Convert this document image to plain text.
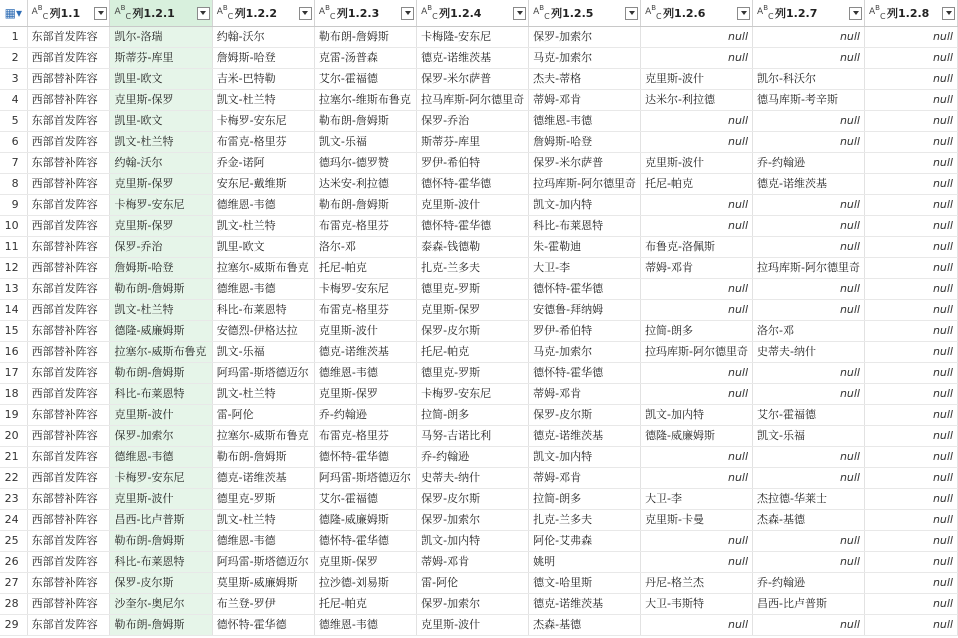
▦▾	$A^B_C$ 列1.1	$A^B_C$ 列1.2.1	$A^B_C$ 列1.2.2	$A^B_C$ 列1.2.3	$A^B_C$ 列1.2.4	$A^B_C$ 列1.2.5	$A^B_C$ 列1.2.6	$A^B_C$ 列1.2.7	$A^B_C$ 列1.2.8

1	东部首发阵容	凯尔-洛瑞	约翰-沃尔	勒布朗-詹姆斯	卡梅隆-安东尼	保罗-加索尔	null	null	null
2	西部首发阵容	斯蒂芬-库里	詹姆斯-哈登	克雷-汤普森	德克-诺维茨基	马克-加索尔	null	null	null
3	西部替补阵容	凯里-欧文	吉米-巴特勒	艾尔-霍福德	保罗-米尔萨普	杰夫-蒂格	克里斯-波什	凯尔-科沃尔	null
4	西部替补阵容	克里斯-保罗	凯文-杜兰特	拉塞尔-维斯布鲁克	拉马库斯-阿尔德里奇	蒂姆-邓肯	达米尔-利拉德	德马库斯-考辛斯	null
5	东部首发阵容	凯里-欧文	卡梅罗-安东尼	勒布朗-詹姆斯	保罗-乔治	德维恩-韦德	null	null	null
6	西部首发阵容	凯文-杜兰特	布雷克-格里芬	凯文-乐福	斯蒂芬-库里	詹姆斯-哈登	null	null	null
7	东部替补阵容	约翰-沃尔	乔金-诺阿	德玛尔-德罗赞	罗伊-希伯特	保罗-米尔萨普	克里斯-波什	乔-约翰逊	null
8	西部替补阵容	克里斯-保罗	安东尼-戴维斯	达米安-利拉德	德怀特-霍华德	拉玛库斯-阿尔德里奇	托尼-帕克	德克-诺维茨基	null
9	东部首发阵容	卡梅罗-安东尼	德维恩-韦德	勒布朗-詹姆斯	克里斯-波什	凯文-加内特	null	null	null
10	西部首发阵容	克里斯-保罗	凯文-杜兰特	布雷克-格里芬	德怀特-霍华德	科比-布莱恩特	null	null	null
11	东部替补阵容	保罗-乔治	凯里-欧文	洛尔-邓	泰森-钱德勒	朱-霍勒迪	布鲁克-洛佩斯	null	null
12	西部替补阵容	詹姆斯-哈登	拉塞尔-威斯布鲁克	托尼-帕克	扎克-兰多夫	大卫-李	蒂姆-邓肯	拉玛库斯-阿尔德里奇	null
13	东部首发阵容	勒布朗-詹姆斯	德维恩-韦德	卡梅罗-安东尼	德里克-罗斯	德怀特-霍华德	null	null	null
14	西部首发阵容	凯文-杜兰特	科比-布莱恩特	布雷克-格里芬	克里斯-保罗	安德鲁-拜纳姆	null	null	null
15	东部替补阵容	德隆-威廉姆斯	安德烈-伊格达拉	克里斯-波什	保罗-皮尔斯	罗伊-希伯特	拉简-朗多	洛尔-邓	null
16	西部替补阵容	拉塞尔-威斯布鲁克	凯文-乐福	德克-诺维茨基	托尼-帕克	马克-加索尔	拉玛库斯-阿尔德里奇	史蒂夫-纳什	null
17	东部首发阵容	勒布朗-詹姆斯	阿玛雷-斯塔德迈尔	德维恩-韦德	德里克-罗斯	德怀特-霍华德	null	null	null
18	西部首发阵容	科比-布莱恩特	凯文-杜兰特	克里斯-保罗	卡梅罗-安东尼	蒂姆-邓肯	null	null	null
19	东部替补阵容	克里斯-波什	雷-阿伦	乔-约翰逊	拉简-朗多	保罗-皮尔斯	凯文-加内特	艾尔-霍福德	null
20	西部替补阵容	保罗-加索尔	拉塞尔-威斯布鲁克	布雷克-格里芬	马努-吉诺比利	德克-诺维茨基	德隆-威廉姆斯	凯文-乐福	null
21	东部首发阵容	德维恩-韦德	勒布朗-詹姆斯	德怀特-霍华德	乔-约翰逊	凯文-加内特	null	null	null
22	西部首发阵容	卡梅罗-安东尼	德克-诺维茨基	阿玛雷-斯塔德迈尔	史蒂夫-纳什	蒂姆-邓肯	null	null	null
23	东部替补阵容	克里斯-波什	德里克-罗斯	艾尔-霍福德	保罗-皮尔斯	拉简-朗多	大卫-李	杰拉德-华莱士	null
24	西部替补阵容	昌西-比卢普斯	凯文-杜兰特	德隆-威廉姆斯	保罗-加索尔	扎克-兰多夫	克里斯-卡曼	杰森-基德	null
25	东部首发阵容	勒布朗-詹姆斯	德维恩-韦德	德怀特-霍华德	凯文-加内特	阿伦-艾弗森	null	null	null
26	西部首发阵容	科比-布莱恩特	阿玛雷-斯塔德迈尔	克里斯-保罗	蒂姆-邓肯	姚明	null	null	null
27	东部替补阵容	保罗-皮尔斯	莫里斯-威廉姆斯	拉沙德-刘易斯	雷-阿伦	德文-哈里斯	丹尼-格兰杰	乔-约翰逊	null
28	西部替补阵容	沙奎尔-奥尼尔	布兰登-罗伊	托尼-帕克	保罗-加索尔	德克-诺维茨基	大卫-韦斯特	昌西-比卢普斯	null
29	东部首发阵容	勒布朗-詹姆斯	德怀特-霍华德	德维恩-韦德	克里斯-波什	杰森-基德	null	null	null
